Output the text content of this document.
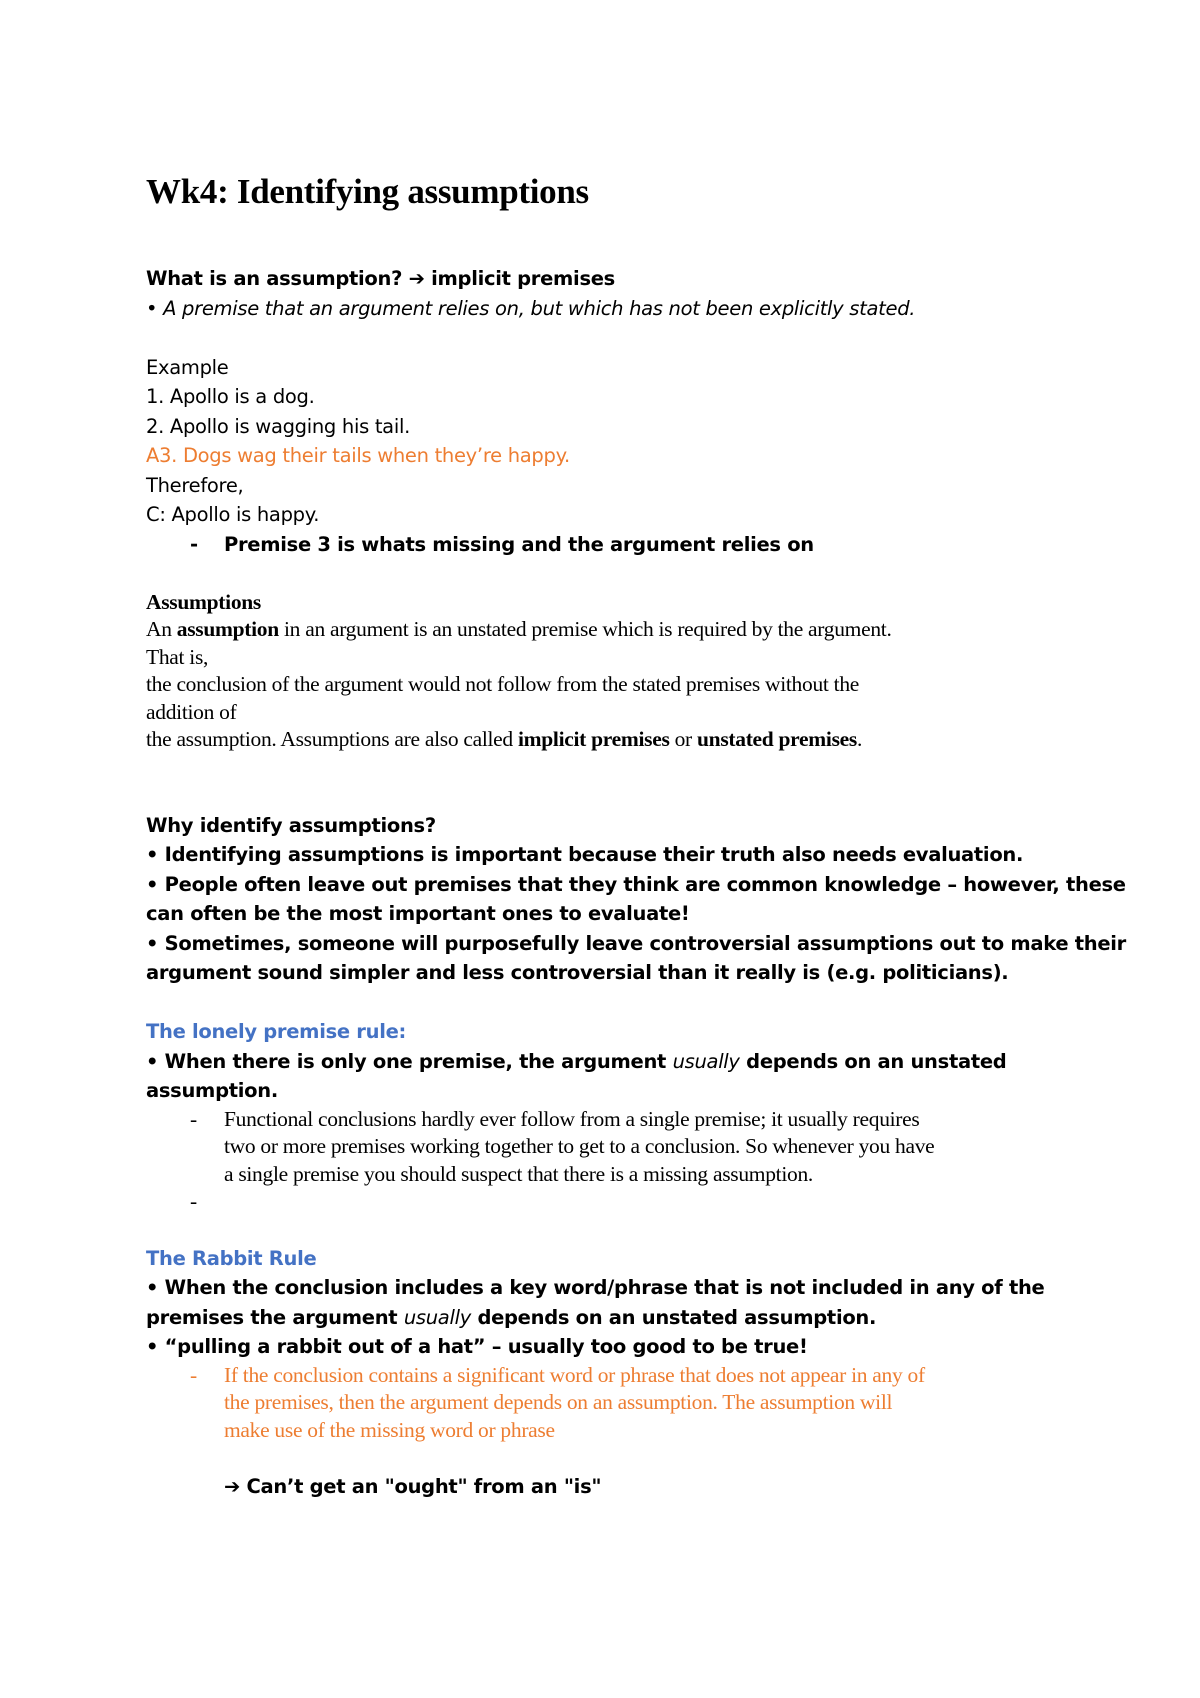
Wk4: Identifying assumptions

What is an assumption? ➔ implicit premises

• A premise that an argument relies on, but which has not been explicitly stated.

Example

1. Apollo is a dog.

2. Apollo is wagging his tail.

A3. Dogs wag their tails when they’re happy.

Therefore,

C: Apollo is happy.

- Premise 3 is whats missing and the argument relies on

Assumptions

An assumption in an argument is an unstated premise which is required by the argument.

That is,

the conclusion of the argument would not follow from the stated premises without the

addition of

the assumption. Assumptions are also called implicit premises or unstated premises.

Why identify assumptions?

• Identifying assumptions is important because their truth also needs evaluation.

• People often leave out premises that they think are common knowledge – however, these

can often be the most important ones to evaluate!

• Sometimes, someone will purposefully leave controversial assumptions out to make their

argument sound simpler and less controversial than it really is (e.g. politicians).

The lonely premise rule:

• When there is only one premise, the argument usually depends on an unstated

assumption.

- Functional conclusions hardly ever follow from a single premise; it usually requires

two or more premises working together to get to a conclusion. So whenever you have

a single premise you should suspect that there is a missing assumption.

-

The Rabbit Rule

• When the conclusion includes a key word/phrase that is not included in any of the

premises the argument usually depends on an unstated assumption.

• “pulling a rabbit out of a hat” – usually too good to be true!

- If the conclusion contains a significant word or phrase that does not appear in any of

the premises, then the argument depends on an assumption. The assumption will

make use of the missing word or phrase

➔ Can’t get an "ought" from an "is"
